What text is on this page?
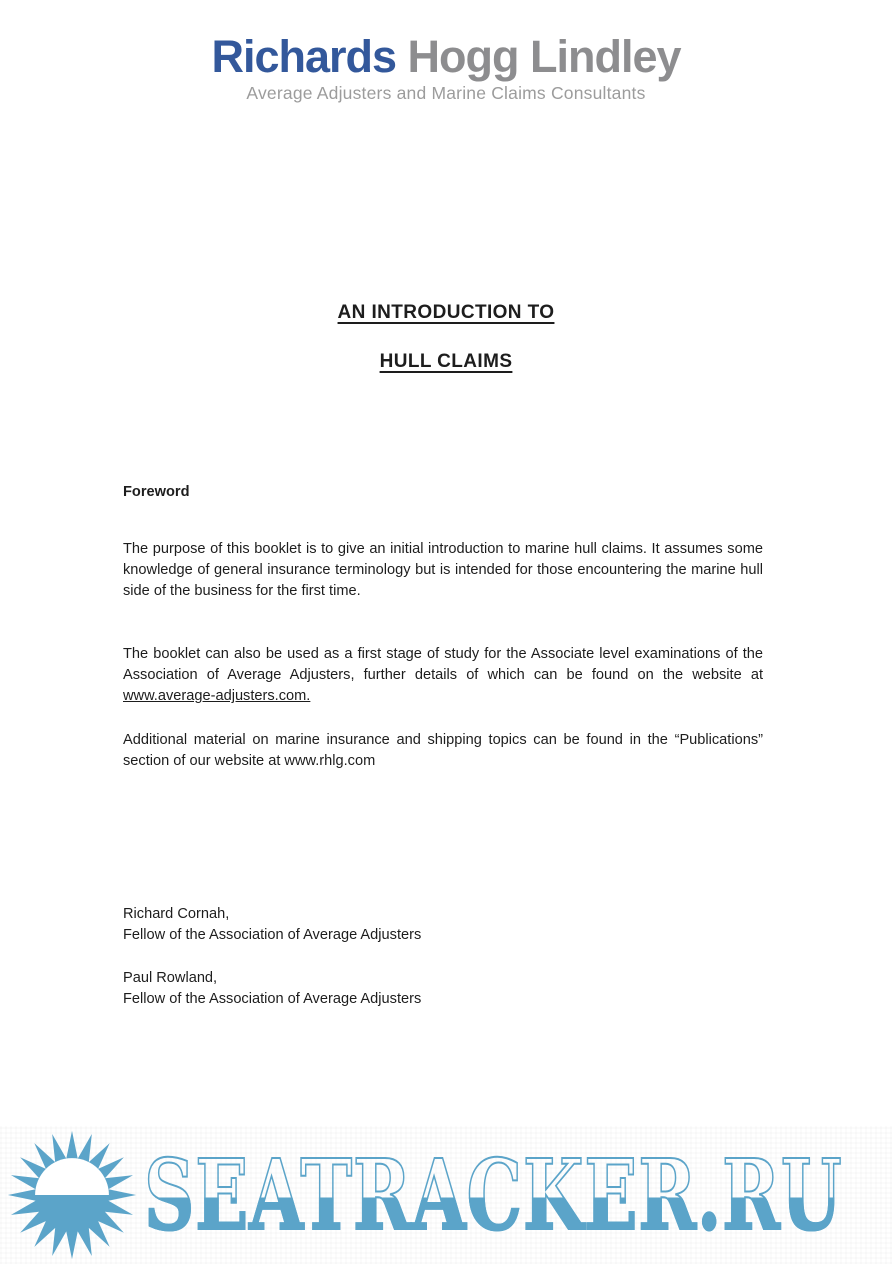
Richards Hogg Lindley
Average Adjusters and Marine Claims Consultants
AN INTRODUCTION TO
HULL CLAIMS
Foreword

The purpose of this booklet is to give an initial introduction to marine hull claims. It assumes some knowledge of general insurance terminology but is intended for those encountering the marine hull side of the business for the first time.

The booklet can also be used as a first stage of study for the Associate level examinations of the Association of Average Adjusters, further details of which can be found on the website at www.average-adjusters.com.

Additional material on marine insurance and shipping topics can be found in the “Publications” section of our website at www.rhlg.com

Richard Cornah,
Fellow of the Association of Average Adjusters
Paul Rowland,
Fellow of the Association of Average Adjusters
SEATRACKER.RU
